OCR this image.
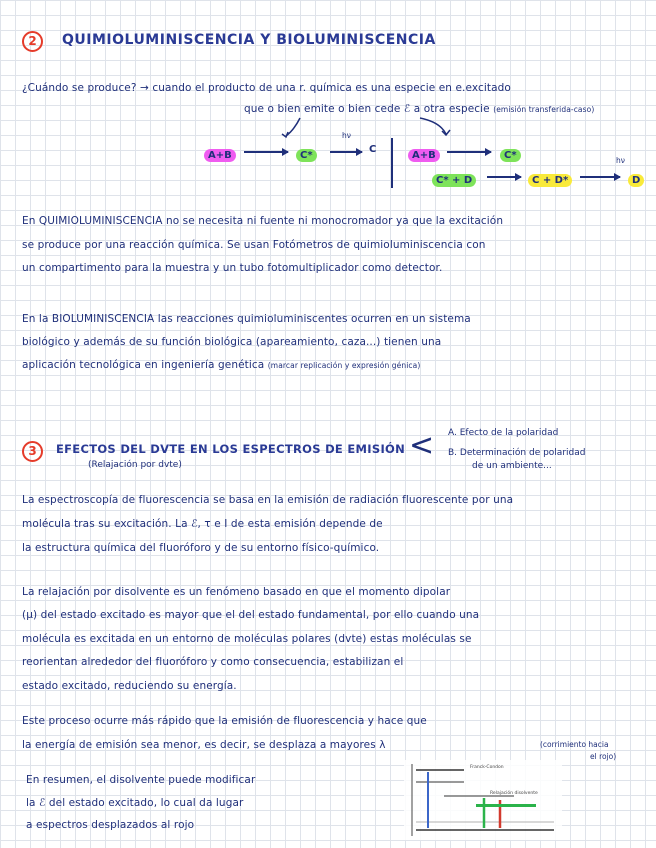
2	QUIMIOLUMINISCENCIA Y BIOLUMINISCENCIA
¿Cuándo se produce? → cuando el producto de una r. química es una especie en e.excitado
que o bien emite o bien cede ℰ a otra especie (emisión transferida-caso)
A+B →	C*
hν
→ C
A+B →	C*
C* + D →	C + D*
hν
→	D
En QUIMIOLUMINISCENCIA no se necesita ni fuente ni monocromador ya que la excitación
se produce por una reacción química. Se usan Fotómetros de quimioluminiscencia con
un compartimento para la muestra y un tubo fotomultiplicador como detector.
En la BIOLUMINISCENCIA las reacciones quimioluminiscentes ocurren en un sistema
biológico y además de su función biológica (apareamiento, caza...) tienen una
aplicación tecnológica en ingeniería genética (marcar replicación y expresión génica)
3	EFECTOS DEL DVTE EN LOS ESPECTROS DE EMISIÓN
(Relajación por dvte)
< A. Efecto de la polaridad
B. Determinación de polaridad
de un ambiente...
La espectroscopía de fluorescencia se basa en la emisión de radiación fluorescente por una
molécula tras su excitación. La ℰ, τ e I de esta emisión depende de
la estructura química del fluoróforo y de su entorno físico-químico.
La relajación por disolvente es un fenómeno basado en que el momento dipolar
(μ) del estado excitado es mayor que el del estado fundamental, por ello cuando una
molécula es excitada en un entorno de moléculas polares (dvte) estas moléculas se
reorientan alrededor del fluoróforo y como consecuencia, estabilizan el
estado excitado, reduciendo su energía.
Este proceso ocurre más rápido que la emisión de fluorescencia y hace que
la energía de emisión sea menor, es decir, se desplaza a mayores λ	(corrimiento hacia
el rojo)
En resumen, el disolvente puede modificar
la ℰ del estado excitado, lo cual da lugar
a espectros desplazados al rojo
Franck-Condon
Relajación disolvente
